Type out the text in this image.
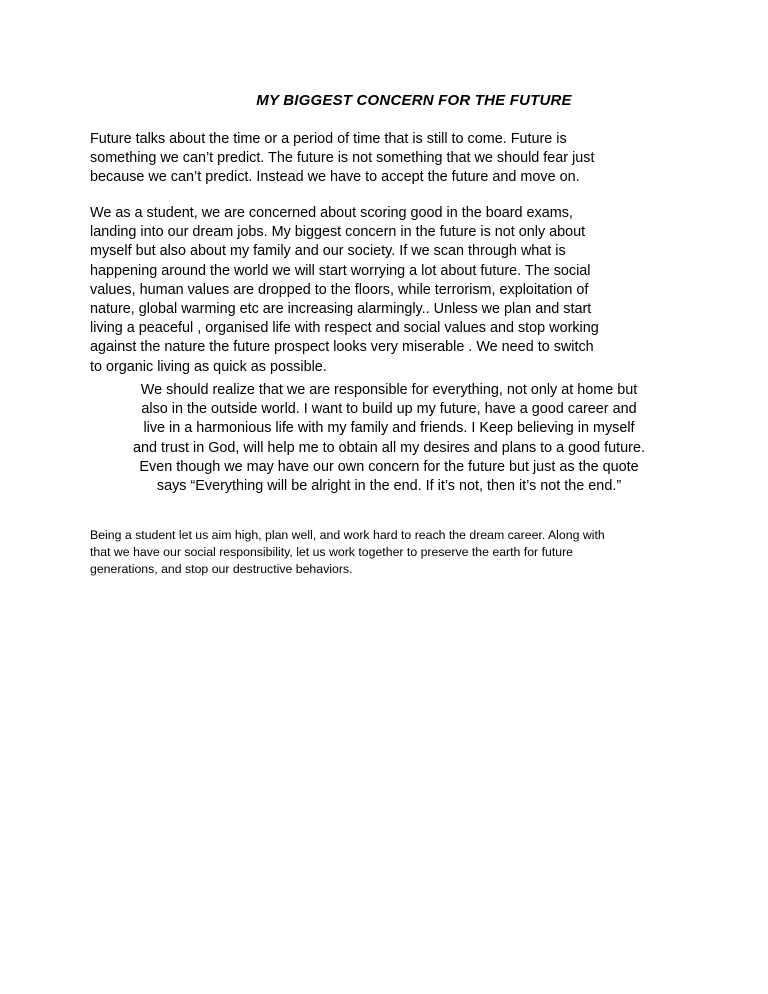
MY BIGGEST CONCERN FOR THE FUTURE

Future talks about the time or a period of time that is still to come. Future is
something we can’t predict. The future is not something that we should fear just
because we can’t predict. Instead we have to accept the future and move on.

We as a student, we are concerned about scoring good in the board exams,
landing into our dream jobs. My biggest concern in the future is not only about
myself but also about my family and our society. If we scan through what is
happening around the world we will start worrying a lot about future. The social
values, human values are dropped to the floors, while terrorism, exploitation of
nature, global warming etc are increasing alarmingly.. Unless we plan and start
living a peaceful , organised life with respect and social values and stop working
against the nature the future prospect looks very miserable . We need to switch
to organic living as quick as possible.

We should realize that we are responsible for everything, not only at home but
also in the outside world. I want to build up my future, have a good career and
live in a harmonious life with my family and friends. I Keep believing in myself
and trust in God, will help me to obtain all my desires and plans to a good future.
Even though we may have our own concern for the future but just as the quote
says “Everything will be alright in the end. If it’s not, then it’s not the end.”

Being a student let us aim high, plan well, and work hard to reach the dream career. Along with
that we have our social responsibility, let us work together to preserve the earth for future
generations, and stop our destructive behaviors.
